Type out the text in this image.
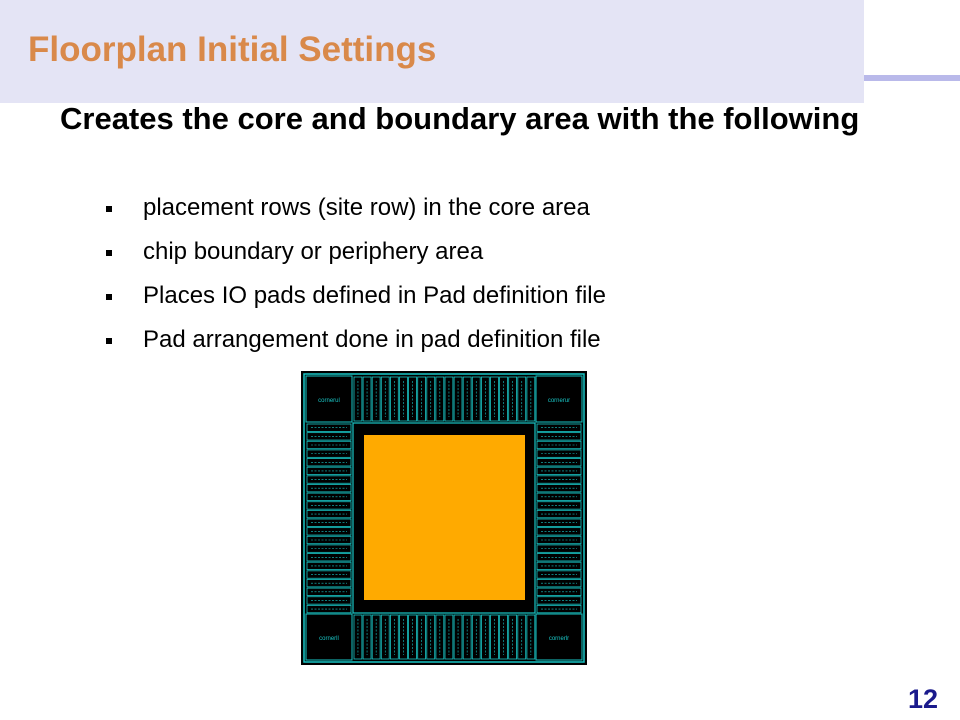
Floorplan Initial Settings
Creates the core and boundary area with the following
placement rows (site row) in the core area
chip boundary or periphery area
Places IO pads defined in Pad definition file
Pad arrangement done in pad definition file
cornerul	cornerur
cornerll	cornerlr
12
